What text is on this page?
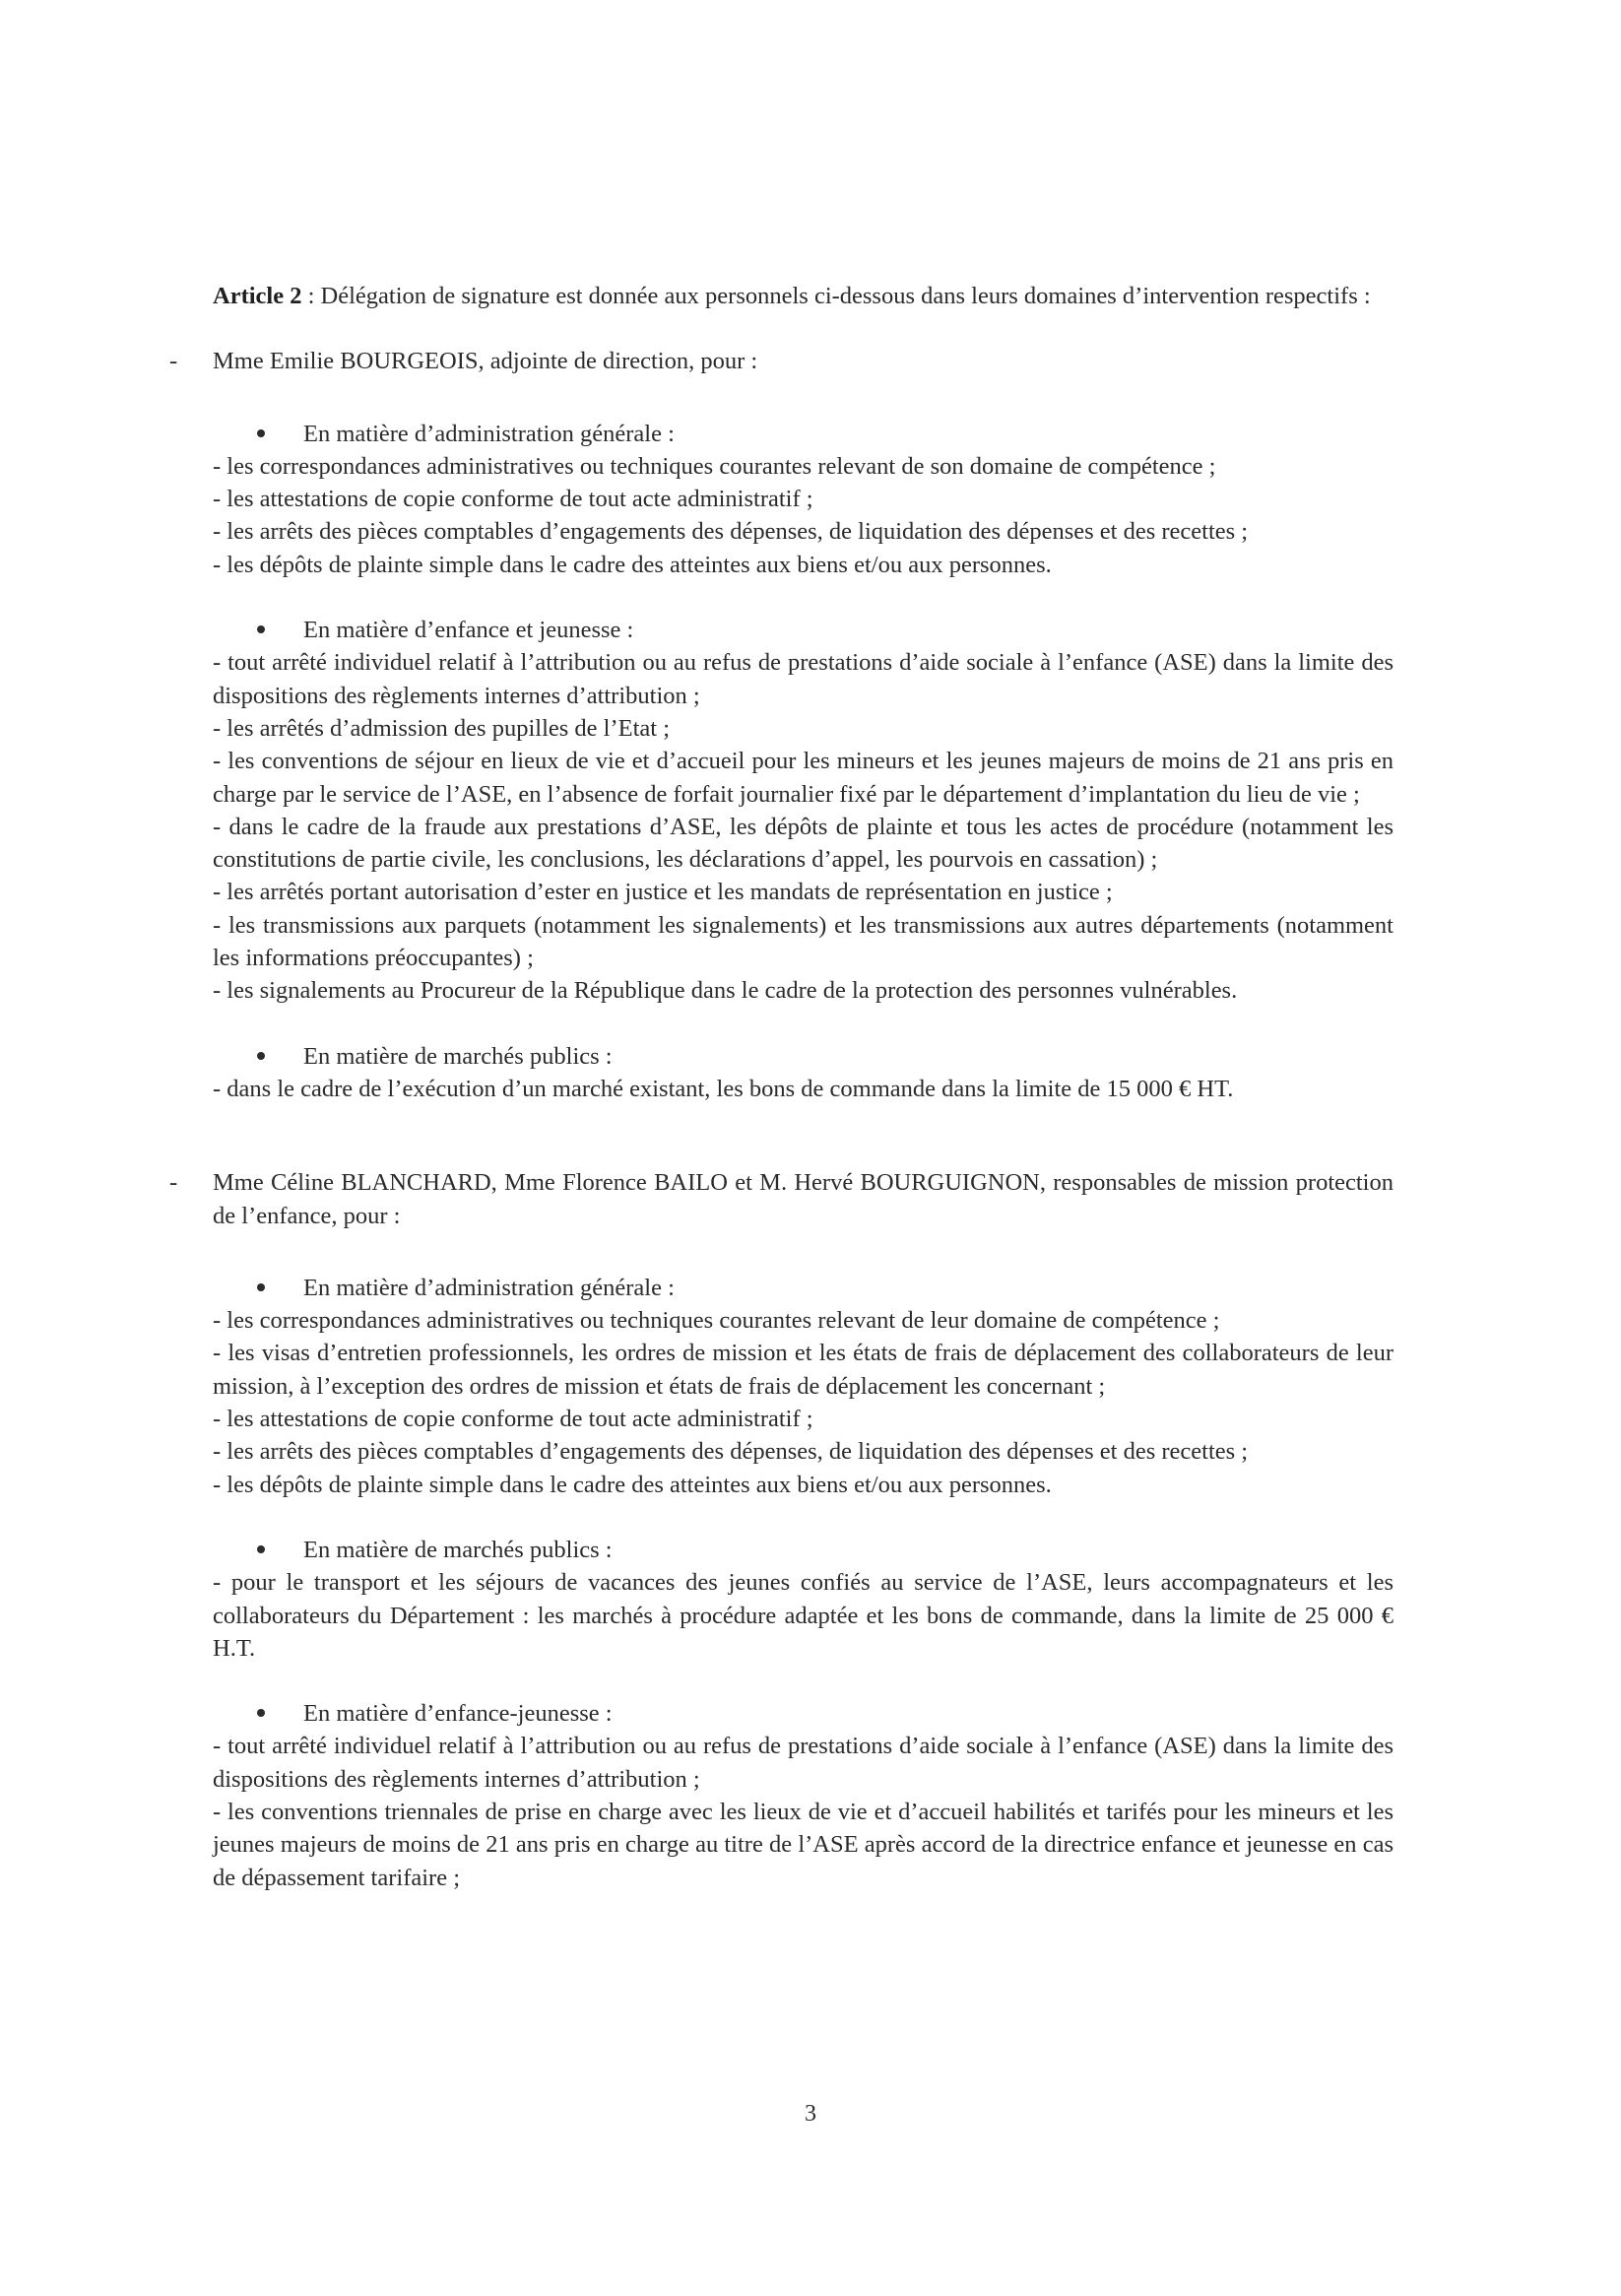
Article 2 : Délégation de signature est donnée aux personnels ci-dessous dans leurs domaines d’intervention respectifs :

- Mme Emilie BOURGEOIS, adjointe de direction, pour :

En matière d’administration générale :

- les correspondances administratives ou techniques courantes relevant de son domaine de compétence ;

- les attestations de copie conforme de tout acte administratif ;

- les arrêts des pièces comptables d’engagements des dépenses, de liquidation des dépenses et des recettes ;

- les dépôts de plainte simple dans le cadre des atteintes aux biens et/ou aux personnes.

En matière d’enfance et jeunesse :

- tout arrêté individuel relatif à l’attribution ou au refus de prestations d’aide sociale à l’enfance (ASE) dans la limite des dispositions des règlements internes d’attribution ;

- les arrêtés d’admission des pupilles de l’Etat ;

- les conventions de séjour en lieux de vie et d’accueil pour les mineurs et les jeunes majeurs de moins de 21 ans pris en charge par le service de l’ASE, en l’absence de forfait journalier fixé par le département d’implantation du lieu de vie ;

- dans le cadre de la fraude aux prestations d’ASE, les dépôts de plainte et tous les actes de procédure (notamment les constitutions de partie civile, les conclusions, les déclarations d’appel, les pourvois en cassation) ;

- les arrêtés portant autorisation d’ester en justice et les mandats de représentation en justice ;

- les transmissions aux parquets (notamment les signalements) et les transmissions aux autres départements (notamment les informations préoccupantes) ;

- les signalements au Procureur de la République dans le cadre de la protection des personnes vulnérables.

En matière de marchés publics :

- dans le cadre de l’exécution d’un marché existant, les bons de commande dans la limite de 15 000 € HT.

- Mme Céline BLANCHARD, Mme Florence BAILO et M. Hervé BOURGUIGNON, responsables de mission protection de l’enfance, pour :

En matière d’administration générale :

- les correspondances administratives ou techniques courantes relevant de leur domaine de compétence ;

- les visas d’entretien professionnels, les ordres de mission et les états de frais de déplacement des collaborateurs de leur mission, à l’exception des ordres de mission et états de frais de déplacement les concernant ;

- les attestations de copie conforme de tout acte administratif ;

- les arrêts des pièces comptables d’engagements des dépenses, de liquidation des dépenses et des recettes ;

- les dépôts de plainte simple dans le cadre des atteintes aux biens et/ou aux personnes.

En matière de marchés publics :

- pour le transport et les séjours de vacances des jeunes confiés au service de l’ASE, leurs accompagnateurs et les collaborateurs du Département : les marchés à procédure adaptée et les bons de commande, dans la limite de 25 000 € H.T.

En matière d’enfance-jeunesse :

- tout arrêté individuel relatif à l’attribution ou au refus de prestations d’aide sociale à l’enfance (ASE) dans la limite des dispositions des règlements internes d’attribution ;

- les conventions triennales de prise en charge avec les lieux de vie et d’accueil habilités et tarifés pour les mineurs et les jeunes majeurs de moins de 21 ans pris en charge au titre de l’ASE après accord de la directrice enfance et jeunesse en cas de dépassement tarifaire ;

3
